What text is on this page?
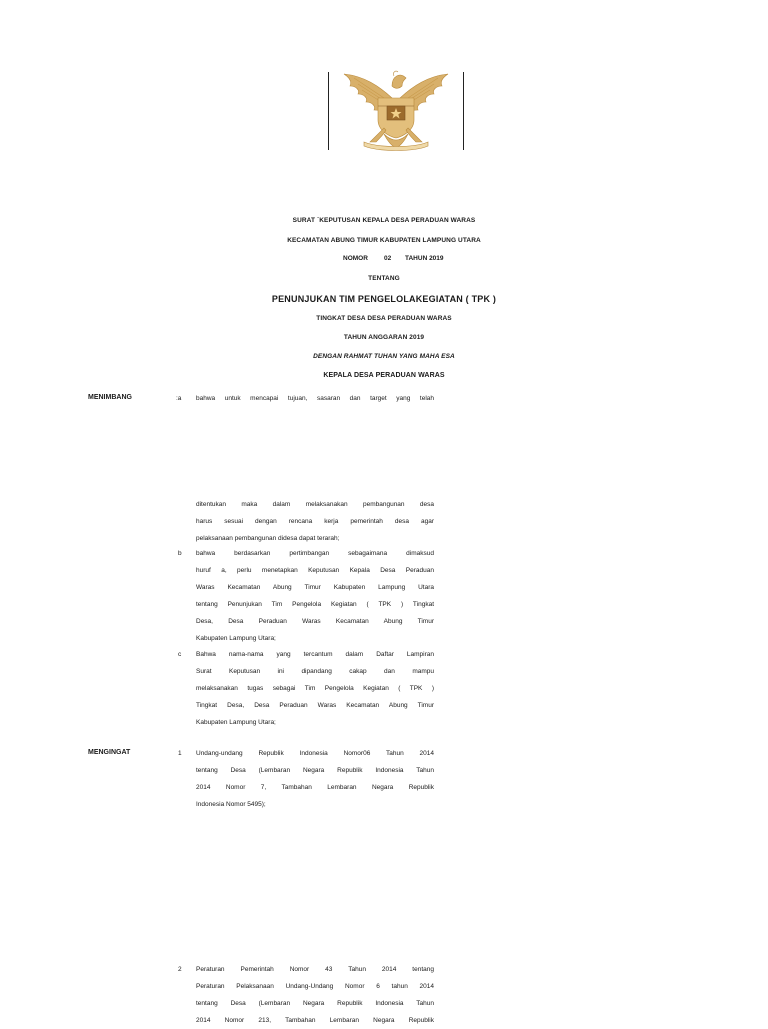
SURAT `KEPUTUSAN KEPALA DESA PERADUAN WARAS
KECAMATAN ABUNG TIMUR KABUPATEN LAMPUNG UTARA
NOMOR 02 TAHUN 2019
TENTANG
PENUNJUKAN TIM PENGELOLAKEGIATAN ( TPK )
TINGKAT DESA DESA PERADUAN WARAS
TAHUN ANGGARAN 2019
DENGAN RAHMAT TUHAN YANG MAHA ESA
KEPALA DESA PERADUAN WARAS
MENIMBANG	:a bahwa untuk mencapai tujuan, sasaran dan target yang telah
ditentukan maka dalam melaksanakan pembangunan desa
harus sesuai dengan rencana kerja pemerintah desa agar
pelaksanaan pembangunan didesa dapat terarah;
b bahwa berdasarkan pertimbangan sebagaimana dimaksud
huruf a, perlu menetapkan Keputusan Kepala Desa Peraduan
Waras Kecamatan Abung Timur Kabupaten Lampung Utara
tentang Penunjukan Tim Pengelola Kegiatan ( TPK ) Tingkat
Desa, Desa Peraduan Waras Kecamatan Abung Timur
Kabupaten Lampung Utara;
c Bahwa nama-nama yang tercantum dalam Daftar Lampiran
Surat Keputusan ini dipandang cakap dan mampu
melaksanakan tugas sebagai Tim Pengelola Kegiatan ( TPK )
Tingkat Desa, Desa Peraduan Waras Kecamatan Abung Timur
Kabupaten Lampung Utara;
MENGINGAT	1 Undang-undang Republik Indonesia Nomor06 Tahun 2014
tentang Desa (Lembaran Negara Republik Indonesia Tahun
2014 Nomor 7, Tambahan Lembaran Negara Republik
Indonesia Nomor 5495);
2 Peraturan Pemerintah Nomor 43 Tahun 2014 tentang
Peraturan Pelaksanaan Undang-Undang Nomor 6 tahun 2014
tentang Desa (Lembaran Negara Republik Indonesia Tahun
2014 Nomor 213, Tambahan Lembaran Negara Republik
